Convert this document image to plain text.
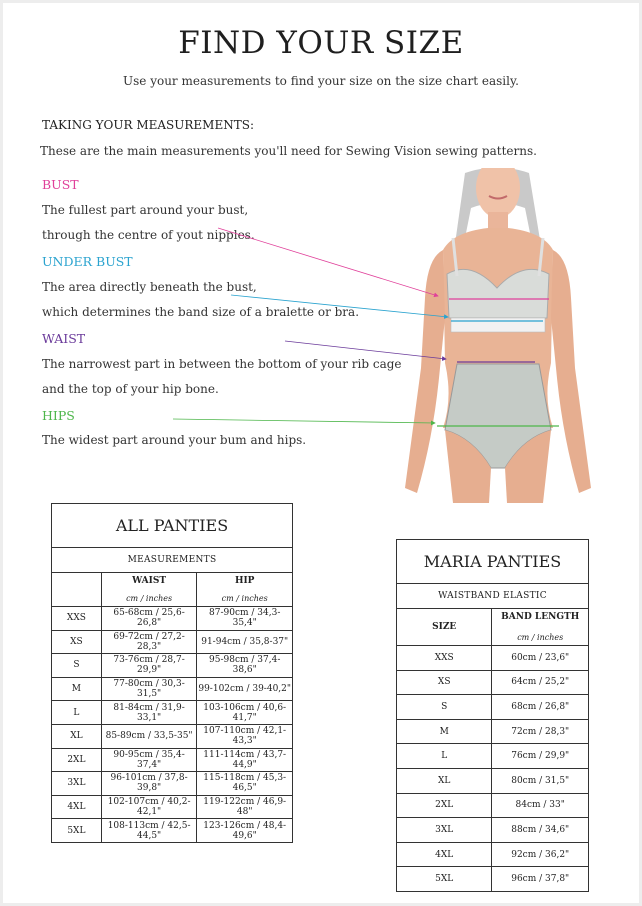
FIND YOUR SIZE
Use your measurements to find your size on the size chart easily.
TAKING YOUR MEASUREMENTS:
These are the main measurements you'll need for Sewing Vision sewing patterns.
BUST
The fullest part around your bust,
through the centre of yout nipples.
UNDER BUST
The area directly beneath the bust,
which determines the band size of a bralette or bra.
WAIST
The narrowest part in between the bottom of your rib cage
and the top of your hip bone.
HIPS
The widest part around your bum and hips.
ALL PANTIES		
MEASUREMENTS		
	WAIST	HIP
	cm / inches	cm / inches
XXS	65-68cm / 25,6-26,8"	87-90cm / 34,3-35,4"
XS	69-72cm / 27,2-28,3"	91-94cm / 35,8-37"
S	73-76cm / 28,7-29,9"	95-98cm / 37,4-38,6"
M	77-80cm / 30,3-31,5"	99-102cm / 39-40,2"
L	81-84cm / 31,9-33,1"	103-106cm / 40,6-41,7"
XL	85-89cm / 33,5-35"	107-110cm / 42,1-43,3"
2XL	90-95cm / 35,4-37,4"	111-114cm / 43,7-44,9"
3XL	96-101cm / 37,8-39,8"	115-118cm / 45,3-46,5"
4XL	102-107cm / 40,2-42,1"	119-122cm / 46,9-48"
5XL	108-113cm / 42,5-44,5"	123-126cm / 48,4-49,6"
MARIA PANTIES	
WAISTBAND ELASTIC	
SIZE	BAND LENGTH
	cm / inches
XXS	60cm / 23,6"
XS	64cm / 25,2"
S	68cm / 26,8"
M	72cm / 28,3"
L	76cm / 29,9"
XL	80cm / 31,5"
2XL	84cm / 33"
3XL	88cm / 34,6"
4XL	92cm / 36,2"
5XL	96cm / 37,8"
